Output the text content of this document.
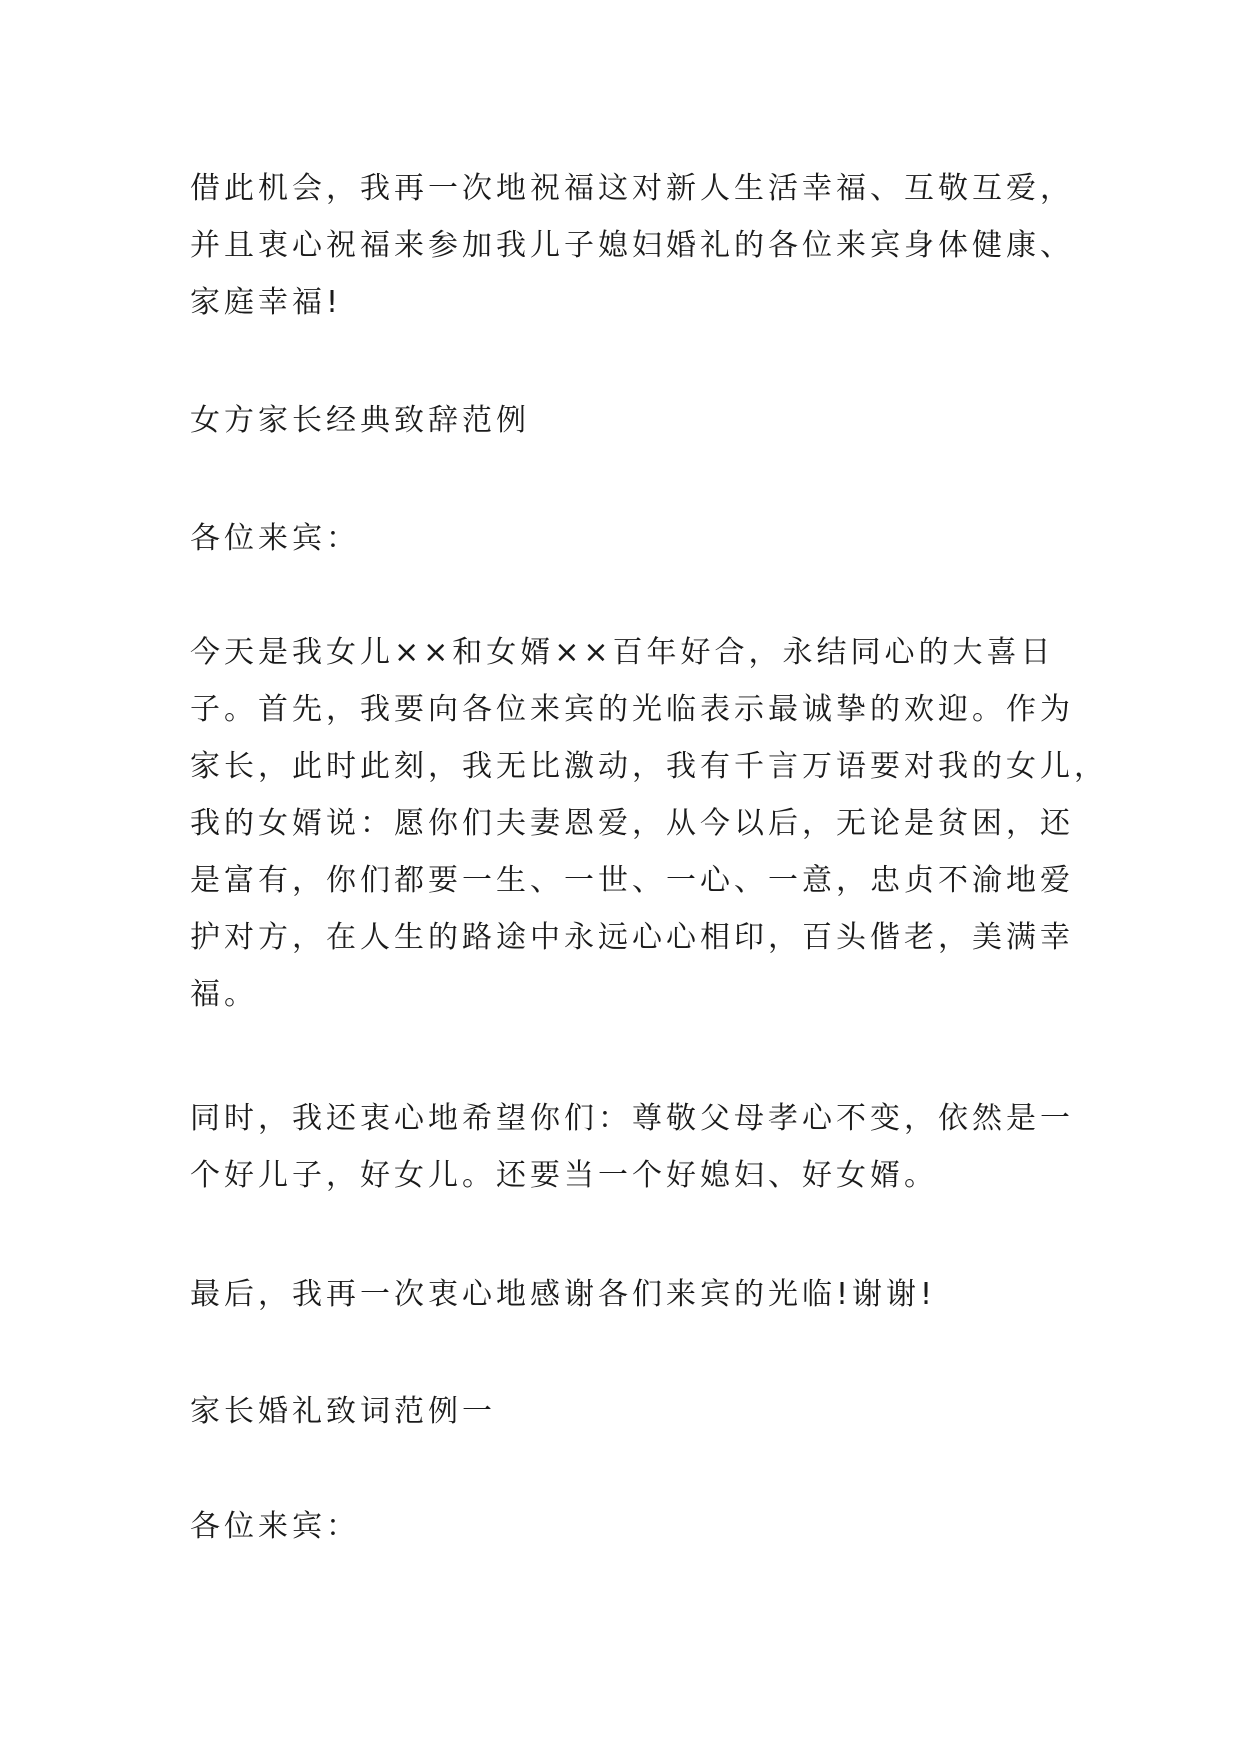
借此机会，我再一次地祝福这对新人生活幸福、互敬互爱，
并且衷心祝福来参加我儿子媳妇婚礼的各位来宾身体健康、
家庭幸福!
女方家长经典致辞范例
各位来宾：
今天是我女儿××和女婿××百年好合，永结同心的大喜日
子。首先，我要向各位来宾的光临表示最诚挚的欢迎。作为
家长，此时此刻，我无比激动，我有千言万语要对我的女儿，
我的女婿说：愿你们夫妻恩爱，从今以后，无论是贫困，还
是富有，你们都要一生、一世、一心、一意，忠贞不渝地爱
护对方，在人生的路途中永远心心相印，百头偕老，美满幸
福。
同时，我还衷心地希望你们：尊敬父母孝心不变，依然是一
个好儿子，好女儿。还要当一个好媳妇、好女婿。
最后，我再一次衷心地感谢各们来宾的光临!谢谢!
家长婚礼致词范例一
各位来宾：
